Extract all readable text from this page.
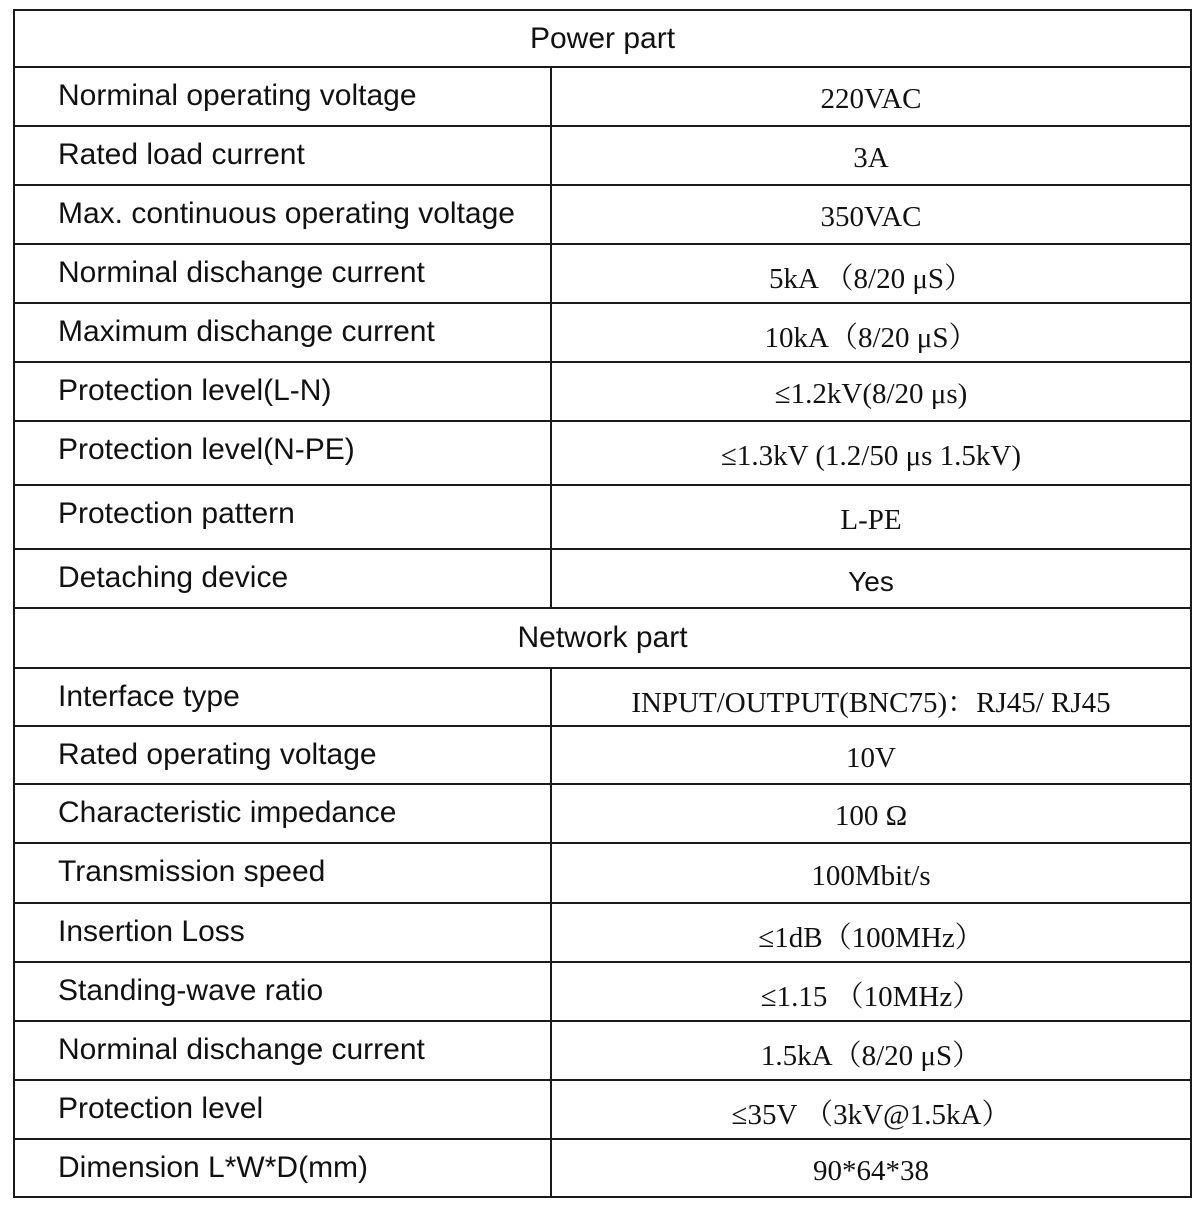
Power part	
Norminal operating voltage	220VAC
Rated load current	3A
Max. continuous operating voltage	350VAC
Norminal dischange current	5kA （8/20 μS）
Maximum dischange current	10kA（8/20 μS）
Protection level(L-N)	≤1.2kV(8/20 μs)
Protection level(N-PE)	≤1.3kV (1.2/50 μs 1.5kV)
Protection pattern	L-PE
Detaching device	Yes
Network part	
Interface type	INPUT/OUTPUT(BNC75)：RJ45/ RJ45
Rated operating voltage	10V
Characteristic impedance	100 Ω
Transmission speed	100Mbit/s
Insertion Loss	≤1dB（100MHz）
Standing-wave ratio	≤1.15 （10MHz）
Norminal dischange current	1.5kA（8/20 μS）
Protection level	≤35V （3kV@1.5kA）
Dimension L*W*D(mm)	90*64*38
